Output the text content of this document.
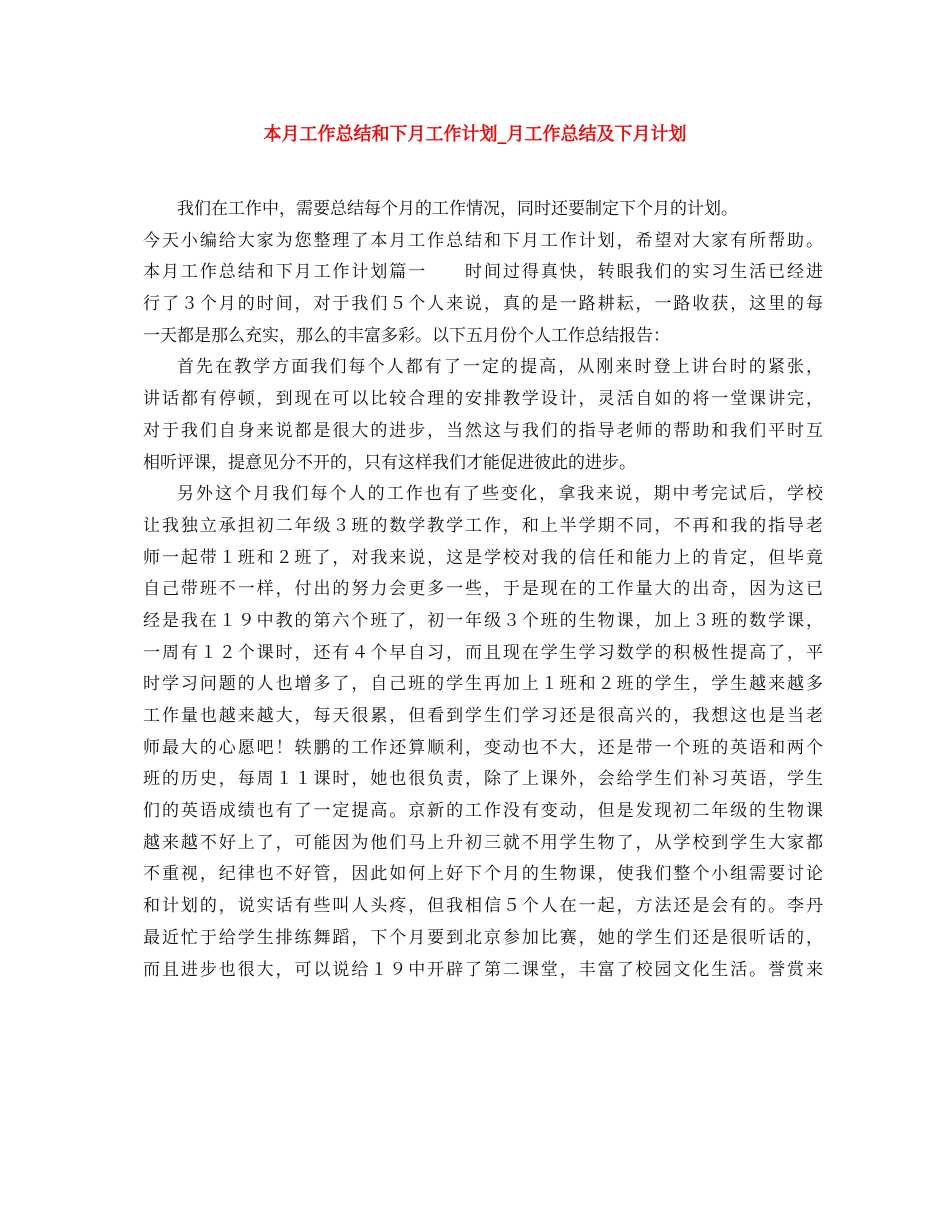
本月工作总结和下月工作计划_月工作总结及下月计划
我们在工作中，需要总结每个月的工作情况，同时还要制定下个月的计划。
今天小编给大家为您整理了本月工作总结和下月工作计划，希望对大家有所帮助。
本月工作总结和下月工作计划篇一　　时间过得真快，转眼我们的实习生活已经进
行了３个月的时间，对于我们５个人来说，真的是一路耕耘，一路收获，这里的每
一天都是那么充实，那么的丰富多彩。以下五月份个人工作总结报告：
首先在教学方面我们每个人都有了一定的提高，从刚来时登上讲台时的紧张，
讲话都有停顿，到现在可以比较合理的安排教学设计，灵活自如的将一堂课讲完，
对于我们自身来说都是很大的进步，当然这与我们的指导老师的帮助和我们平时互
相听评课，提意见分不开的，只有这样我们才能促进彼此的进步。
另外这个月我们每个人的工作也有了些变化，拿我来说，期中考完试后，学校
让我独立承担初二年级３班的数学教学工作，和上半学期不同，不再和我的指导老
师一起带１班和２班了，对我来说，这是学校对我的信任和能力上的肯定，但毕竟
自己带班不一样，付出的努力会更多一些，于是现在的工作量大的出奇，因为这已
经是我在１９中教的第六个班了，初一年级３个班的生物课，加上３班的数学课，
一周有１２个课时，还有４个早自习，而且现在学生学习数学的积极性提高了，平
时学习问题的人也增多了，自己班的学生再加上１班和２班的学生，学生越来越多
工作量也越来越大，每天很累，但看到学生们学习还是很高兴的，我想这也是当老
师最大的心愿吧！轶鹏的工作还算顺利，变动也不大，还是带一个班的英语和两个
班的历史，每周１１课时，她也很负责，除了上课外，会给学生们补习英语，学生
们的英语成绩也有了一定提高。京新的工作没有变动，但是发现初二年级的生物课
越来越不好上了，可能因为他们马上升初三就不用学生物了，从学校到学生大家都
不重视，纪律也不好管，因此如何上好下个月的生物课，使我们整个小组需要讨论
和计划的，说实话有些叫人头疼，但我相信５个人在一起，方法还是会有的。李丹
最近忙于给学生排练舞蹈，下个月要到北京参加比赛，她的学生们还是很听话的，
而且进步也很大，可以说给１９中开辟了第二课堂，丰富了校园文化生活。誉赏来
